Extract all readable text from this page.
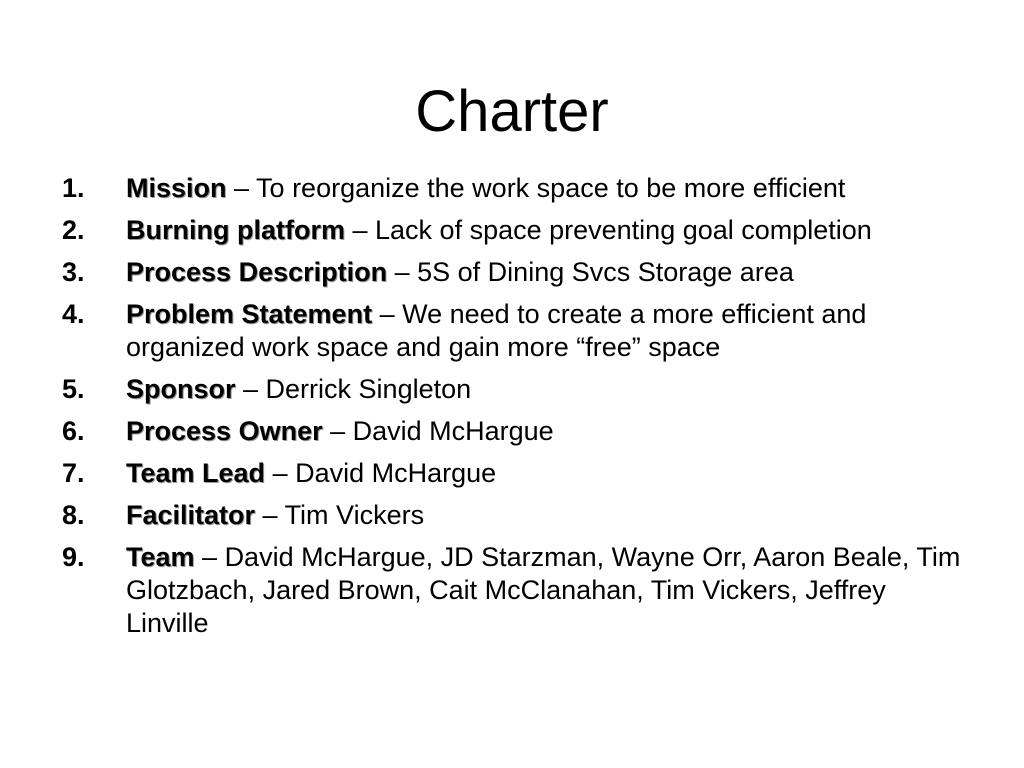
Charter
1.	Mission – To reorganize the work space to be more efficient
2.	Burning platform – Lack of space preventing goal completion
3.	Process Description – 5S of Dining Svcs Storage area
4.	Problem Statement – We need to create a more efficient and organized work space and gain more “free” space
5.	Sponsor – Derrick Singleton
6.	Process Owner – David McHargue
7.	Team Lead – David McHargue
8.	Facilitator – Tim Vickers
9.	Team – David McHargue, JD Starzman, Wayne Orr, Aaron Beale, Tim Glotzbach, Jared Brown, Cait McClanahan, Tim Vickers, Jeffrey Linville
